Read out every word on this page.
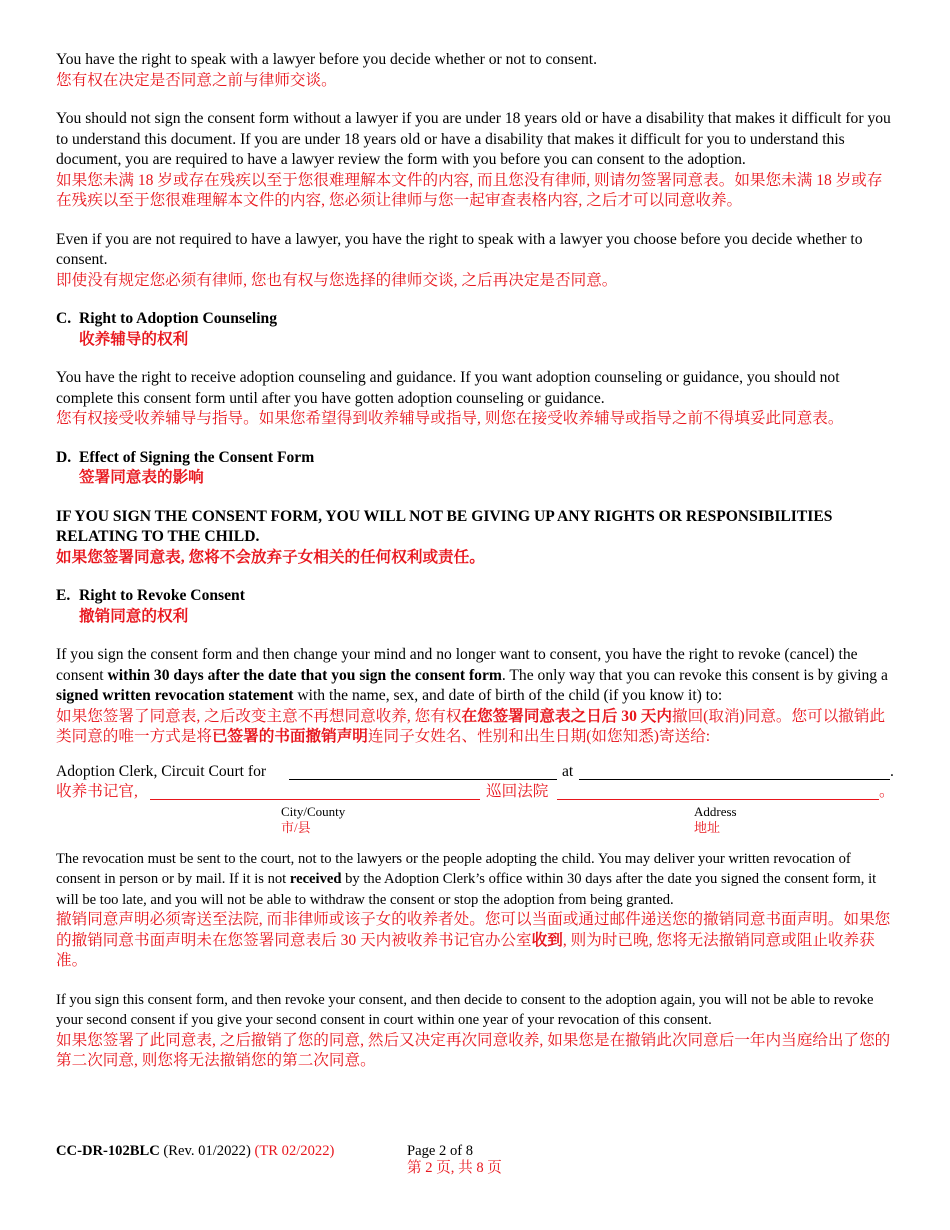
You have the right to speak with a lawyer before you decide whether or not to consent.

您有权在决定是否同意之前与律师交谈。

You should not sign the consent form without a lawyer if you are under 18 years old or have a disability that makes it difficult for you to understand this document. If you are under 18 years old or have a disability that makes it difficult for you to understand this document, you are required to have a lawyer review the form with you before you can consent to the adoption.

如果您未满 18 岁或存在残疾以至于您很难理解本文件的内容, 而且您没有律师, 则请勿签署同意表。如果您未满 18 岁或存在残疾以至于您很难理解本文件的内容, 您必须让律师与您一起审查表格内容, 之后才可以同意收养。

Even if you are not required to have a lawyer, you have the right to speak with a lawyer you choose before you decide whether to consent.

即使没有规定您必须有律师, 您也有权与您选择的律师交谈, 之后再决定是否同意。

C. Right to Adoption Counseling

收养辅导的权利

You have the right to receive adoption counseling and guidance. If you want adoption counseling or guidance, you should not complete this consent form until after you have gotten adoption counseling or guidance.

您有权接受收养辅导与指导。如果您希望得到收养辅导或指导, 则您在接受收养辅导或指导之前不得填妥此同意表。

D. Effect of Signing the Consent Form

签署同意表的影响

IF YOU SIGN THE CONSENT FORM, YOU WILL NOT BE GIVING UP ANY RIGHTS OR RESPONSIBILITIES RELATING TO THE CHILD.

如果您签署同意表, 您将不会放弃子女相关的任何权利或责任。

E. Right to Revoke Consent

撤销同意的权利

If you sign the consent form and then change your mind and no longer want to consent, you have the right to revoke (cancel) the consent within 30 days after the date that you sign the consent form. The only way that you can revoke this consent is by giving a signed written revocation statement with the name, sex, and date of birth of the child (if you know it) to:

如果您签署了同意表, 之后改变主意不再想同意收养, 您有权在您签署同意表之日后 30 天内撤回(取消)同意。您可以撤销此类同意的唯一方式是将已签署的书面撤销声明连同子女姓名、性别和出生日期(如您知悉)寄送给:

Adoption Clerk, Circuit Court for	at	.
收养书记官,	巡回法院	。
City/County
市/县
Address
地址

The revocation must be sent to the court, not to the lawyers or the people adopting the child. You may deliver your written revocation of consent in person or by mail. If it is not received by the Adoption Clerk’s office within 30 days after the date you signed the consent form, it will be too late, and you will not be able to withdraw the consent or stop the adoption from being granted.

撤销同意声明必须寄送至法院, 而非律师或该子女的收养者处。您可以当面或通过邮件递送您的撤销同意书面声明。如果您的撤销同意书面声明未在您签署同意表后 30 天内被收养书记官办公室收到, 则为时已晚, 您将无法撤销同意或阻止收养获准。

If you sign this consent form, and then revoke your consent, and then decide to consent to the adoption again, you will not be able to revoke your second consent if you give your second consent in court within one year of your revocation of this consent.

如果您签署了此同意表, 之后撤销了您的同意, 然后又决定再次同意收养, 如果您是在撤销此次同意后一年内当庭给出了您的第二次同意, 则您将无法撤销您的第二次同意。

CC-DR-102BLC (Rev. 01/2022) (TR 02/2022)	Page 2 of 8
第 2 页, 共 8 页
